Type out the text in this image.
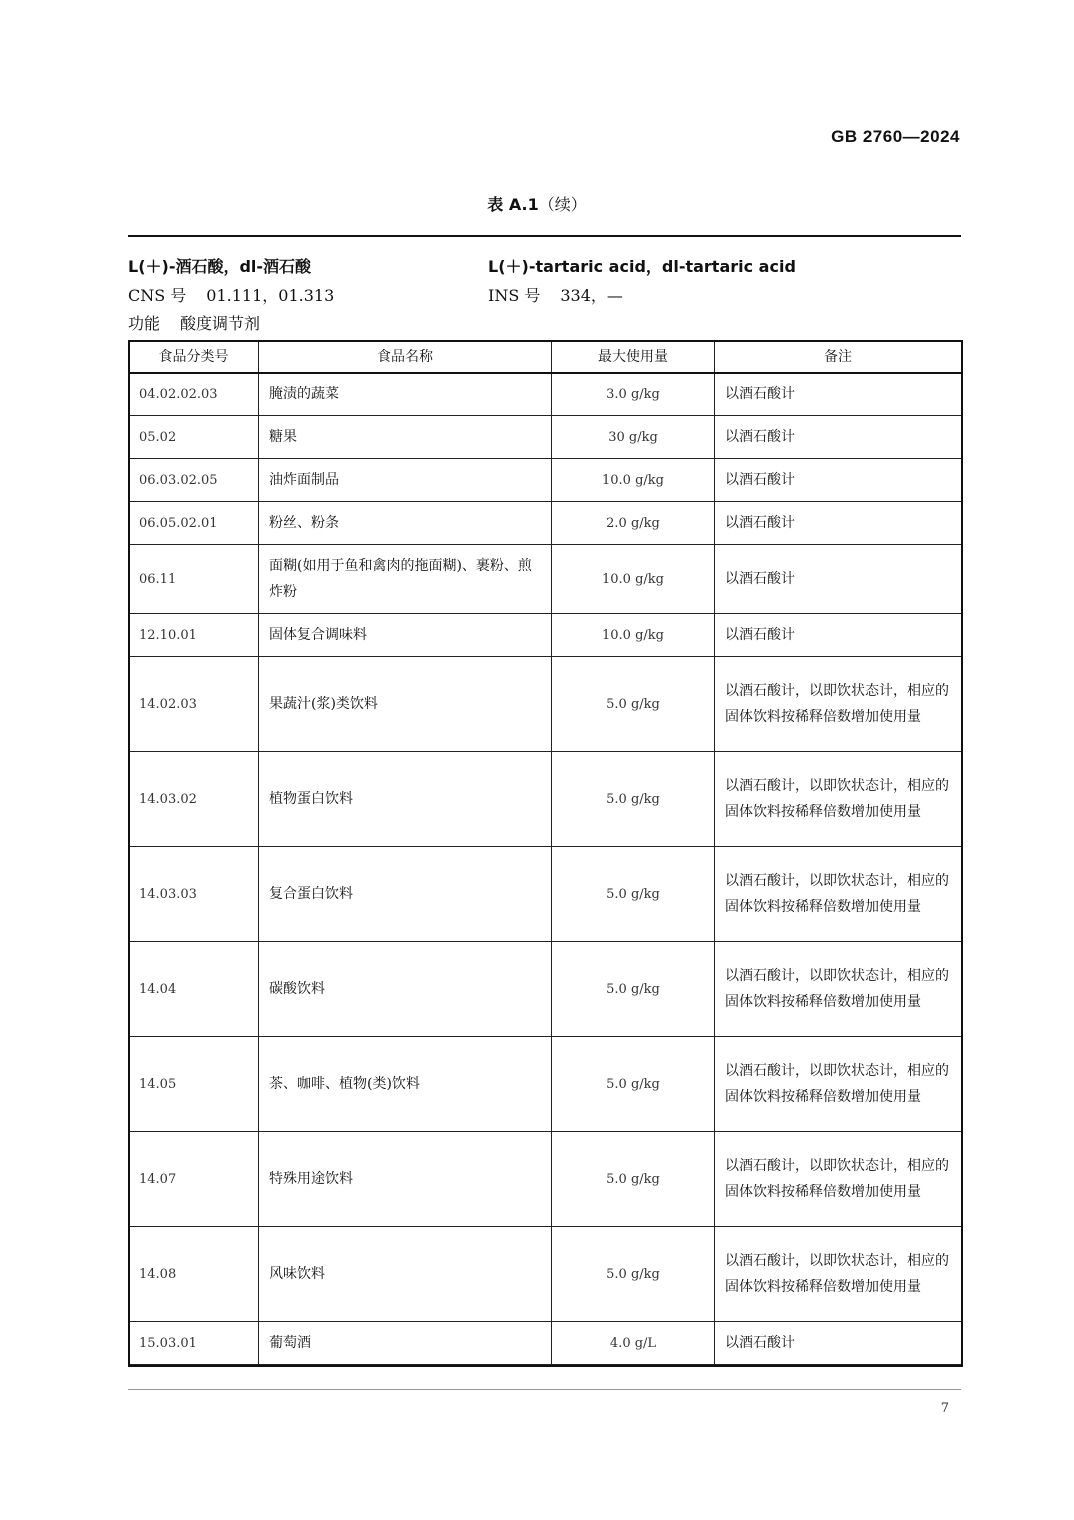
GB 2760—2024
表 A.1（续）
L(＋)-酒石酸，dl-酒石酸	L(＋)-tartaric acid，dl-tartaric acid
CNS 号 01.111，01.313	INS 号 334，—
功能 酸度调节剂
食品分类号	食品名称	最大使用量	备注
04.02.02.03	腌渍的蔬菜	3.0 g/kg	以酒石酸计
05.02	糖果	30 g/kg	以酒石酸计
06.03.02.05	油炸面制品	10.0 g/kg	以酒石酸计
06.05.02.01	粉丝、粉条	2.0 g/kg	以酒石酸计
06.11	面糊(如用于鱼和禽肉的拖面糊)、裹粉、煎炸粉	10.0 g/kg	以酒石酸计
12.10.01	固体复合调味料	10.0 g/kg	以酒石酸计
14.02.03	果蔬汁(浆)类饮料	5.0 g/kg	以酒石酸计，以即饮状态计，相应的固体饮料按稀释倍数增加使用量
14.03.02	植物蛋白饮料	5.0 g/kg	以酒石酸计，以即饮状态计，相应的固体饮料按稀释倍数增加使用量
14.03.03	复合蛋白饮料	5.0 g/kg	以酒石酸计，以即饮状态计，相应的固体饮料按稀释倍数增加使用量
14.04	碳酸饮料	5.0 g/kg	以酒石酸计，以即饮状态计，相应的固体饮料按稀释倍数增加使用量
14.05	茶、咖啡、植物(类)饮料	5.0 g/kg	以酒石酸计，以即饮状态计，相应的固体饮料按稀释倍数增加使用量
14.07	特殊用途饮料	5.0 g/kg	以酒石酸计，以即饮状态计，相应的固体饮料按稀释倍数增加使用量
14.08	风味饮料	5.0 g/kg	以酒石酸计，以即饮状态计，相应的固体饮料按稀释倍数增加使用量
15.03.01	葡萄酒	4.0 g/L	以酒石酸计
7
